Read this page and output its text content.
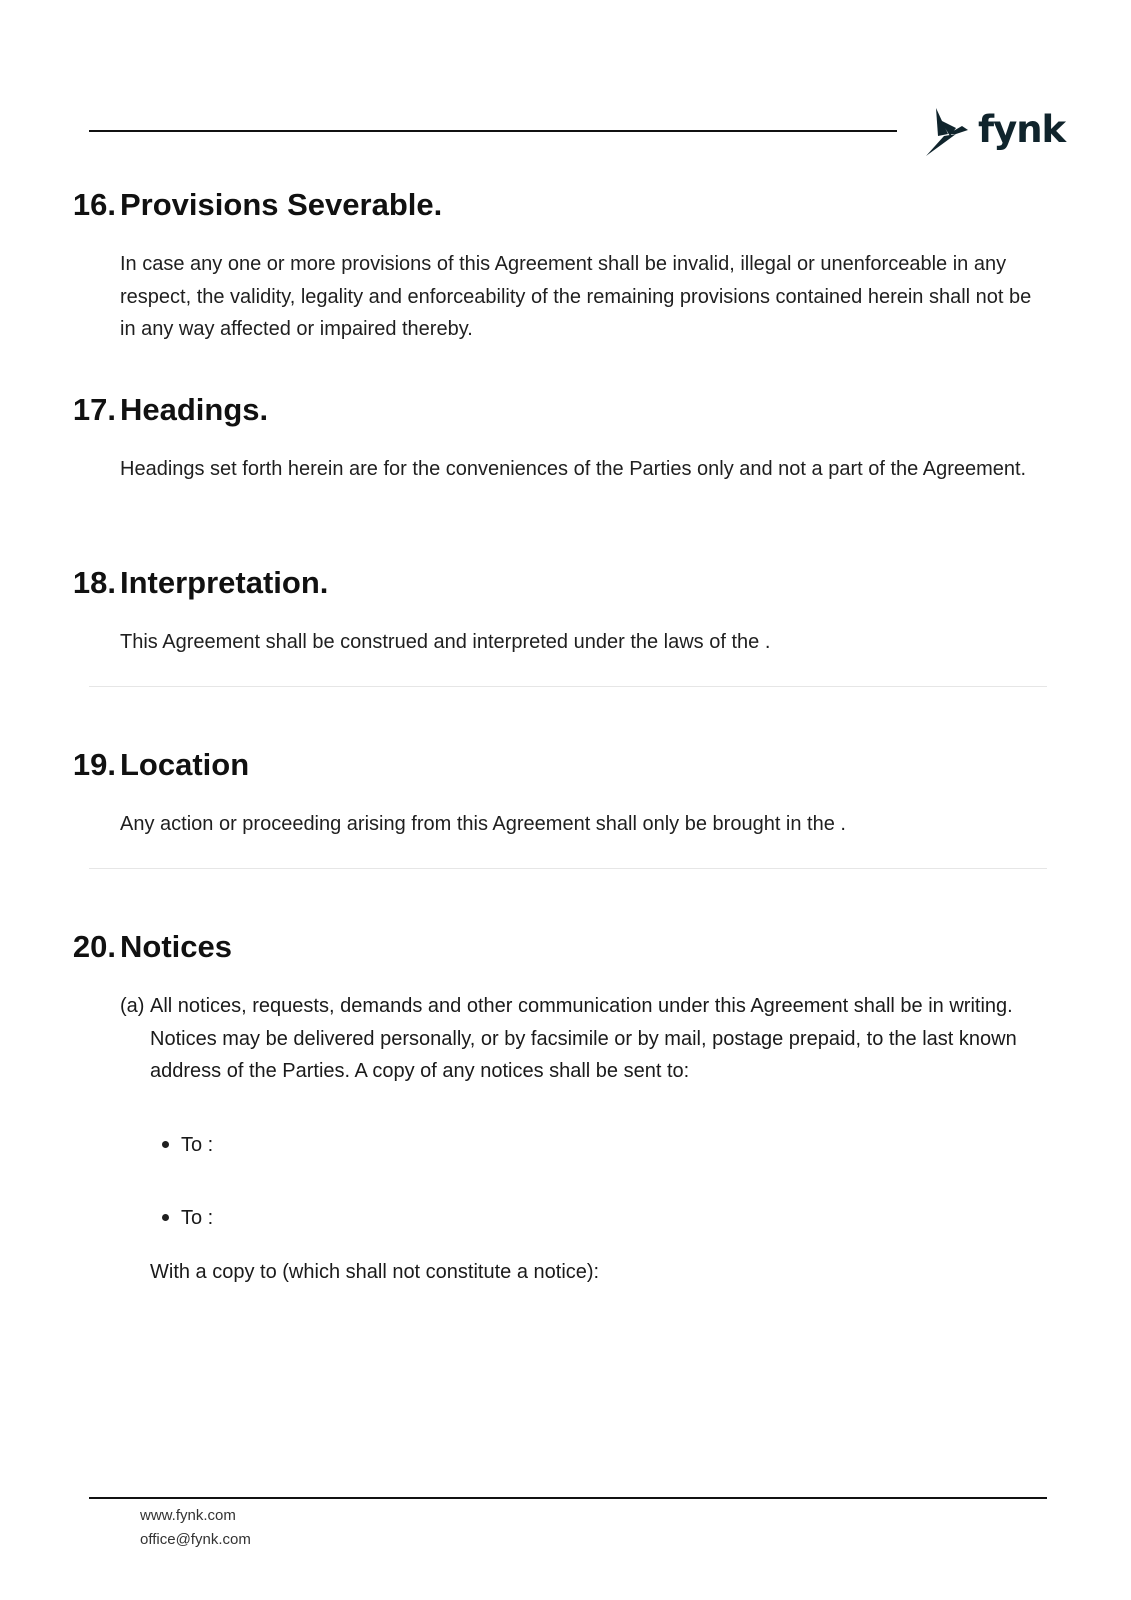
fynk
16. Provisions Severable.

In case any one or more provisions of this Agreement shall be invalid, illegal or unenforceable in any respect, the validity, legality and enforceability of the remaining provisions contained herein shall not be in any way affected or impaired thereby.

17. Headings.

Headings set forth herein are for the conveniences of the Parties only and not a part of the Agreement.

18. Interpretation.

This Agreement shall be construed and interpreted under the laws of the .

19. Location

Any action or proceeding arising from this Agreement shall only be brought in the .

20. Notices
(a) All notices, requests, demands and other communication under this Agreement shall be in writing. Notices may be delivered personally, or by facsimile or by mail, postage prepaid, to the last known address of the Parties. A copy of any notices shall be sent to:

To :
To :
With a copy to (which shall not constitute a notice):
www.fynk.com
office@fynk.com
